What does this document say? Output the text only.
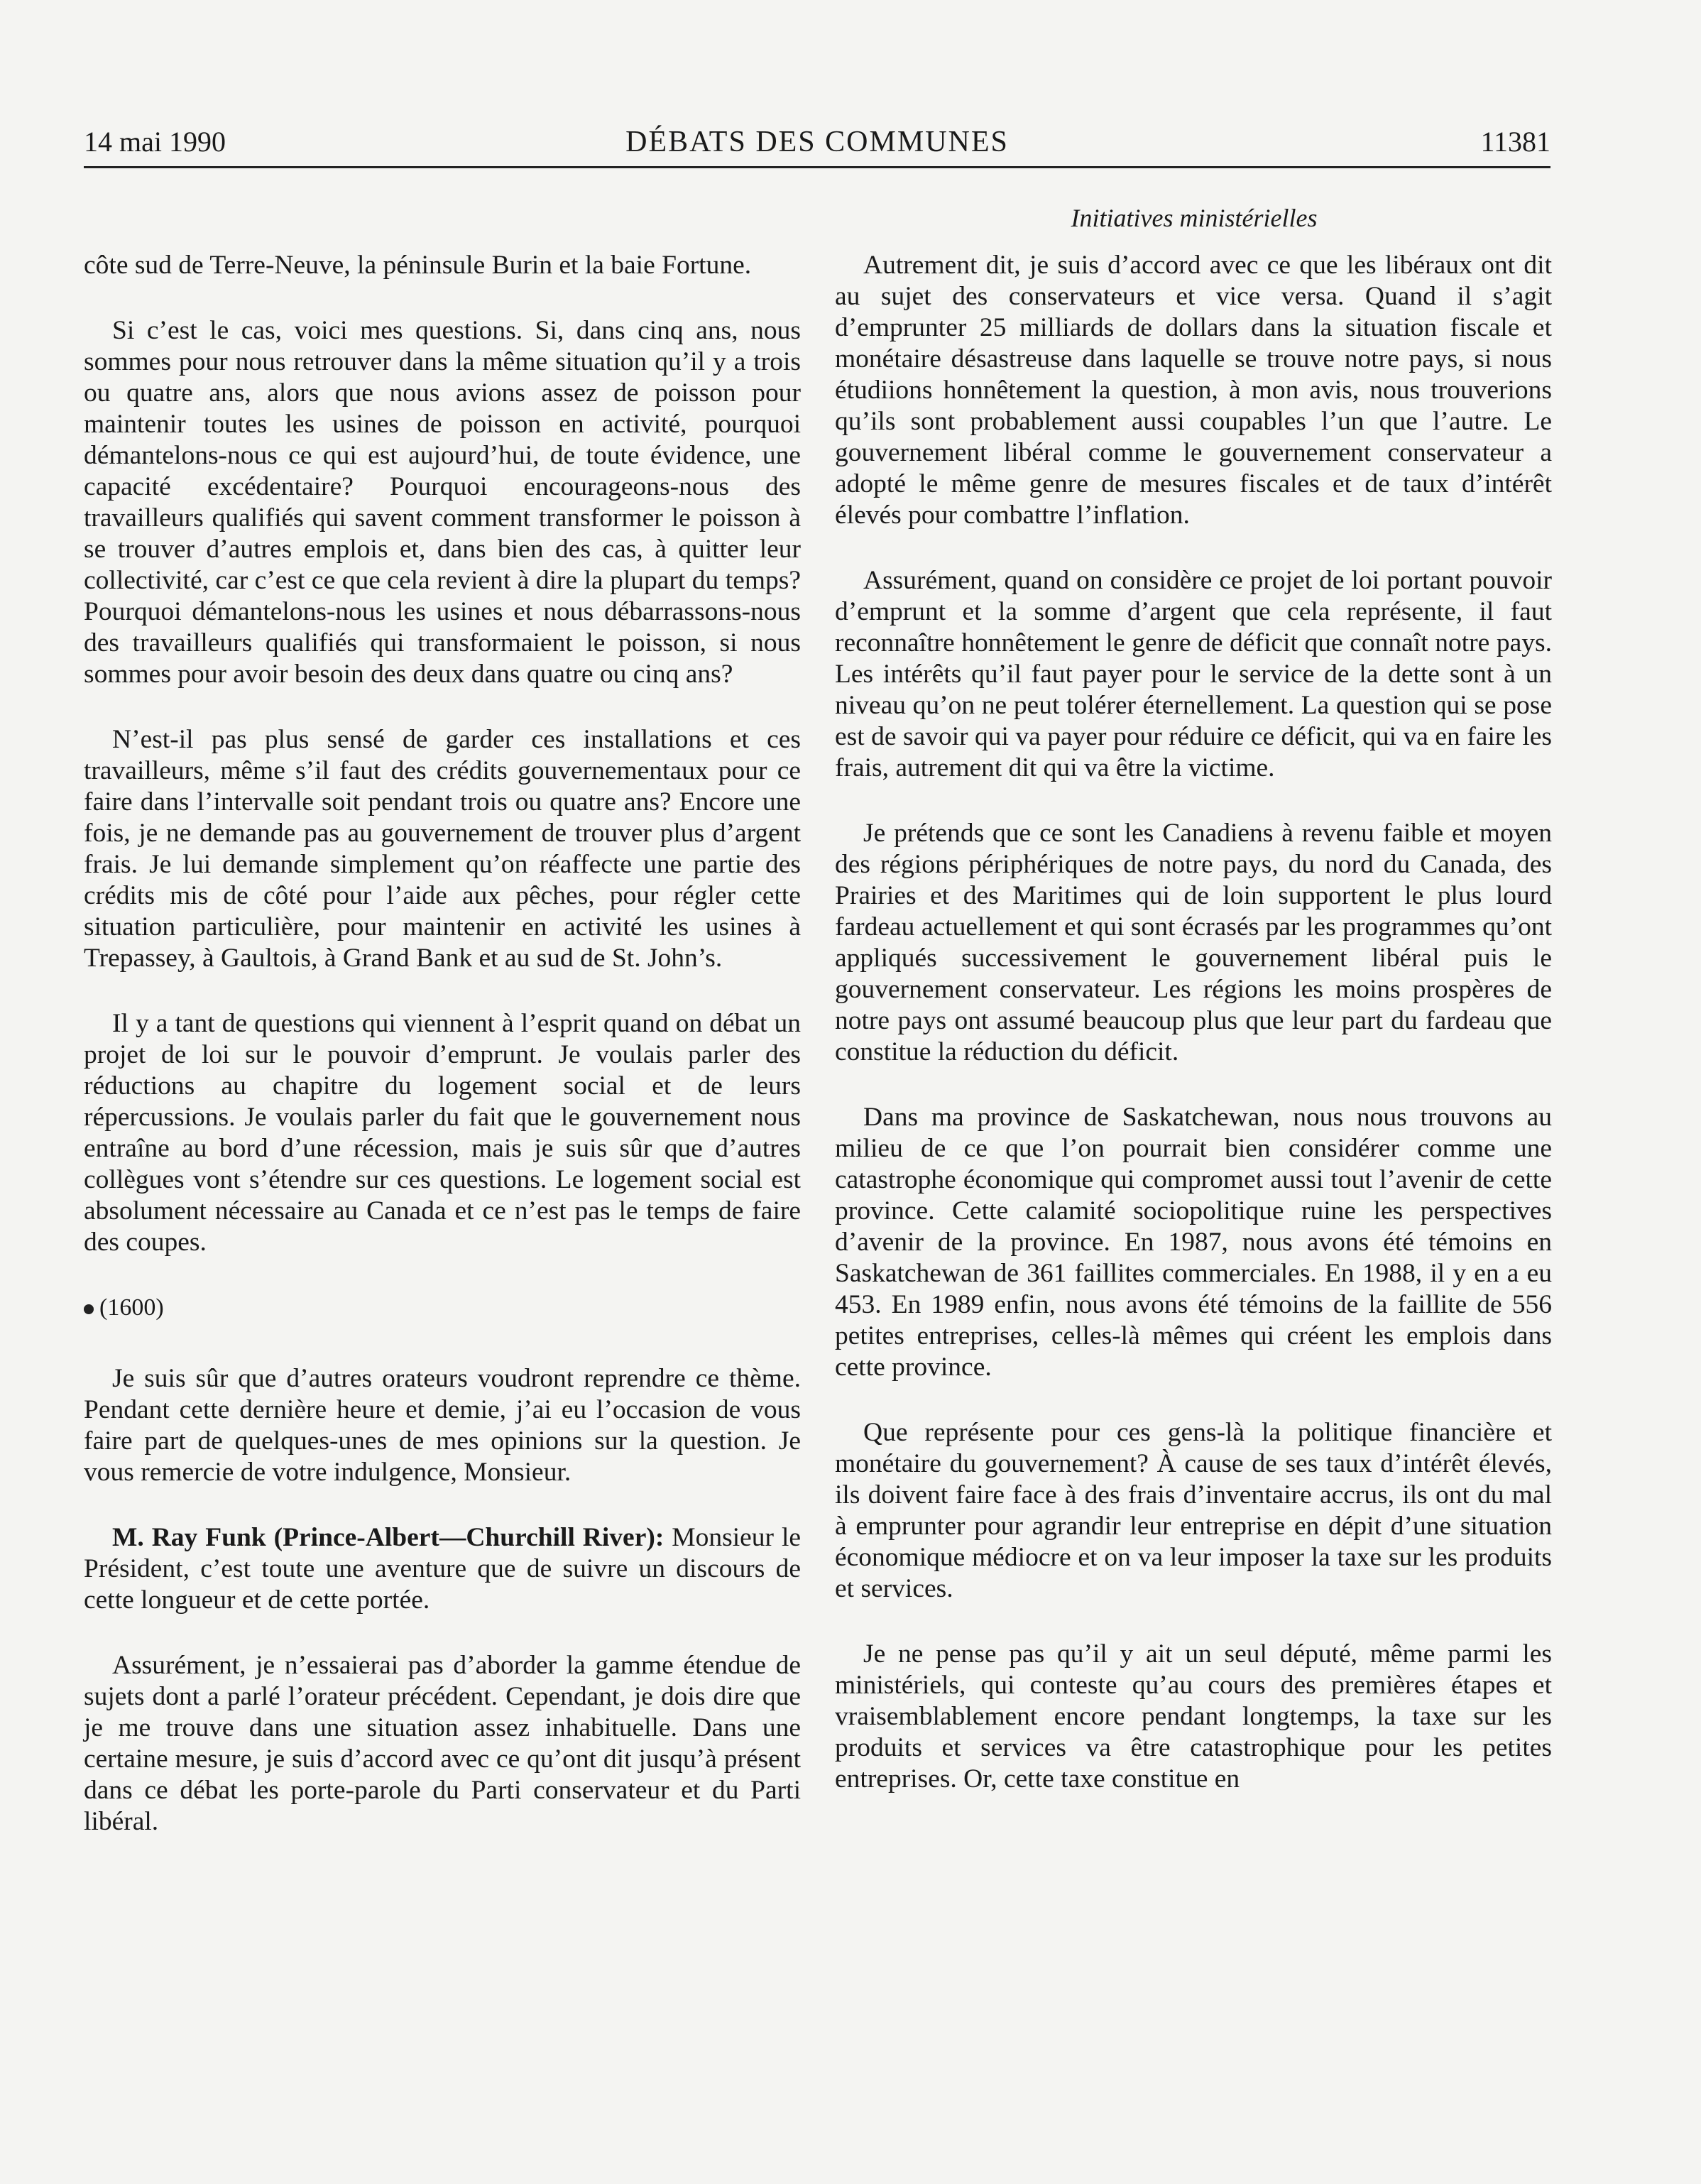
14 mai 1990	DÉBATS DES COMMUNES	11381
Initiatives ministérielles

côte sud de Terre-Neuve, la péninsule Burin et la baie Fortune.

Si c’est le cas, voici mes questions. Si, dans cinq ans, nous sommes pour nous retrouver dans la même situation qu’il y a trois ou quatre ans, alors que nous avions assez de poisson pour maintenir toutes les usines de poisson en activité, pourquoi démantelons-nous ce qui est aujourd’hui, de toute évidence, une capacité excédentaire? Pourquoi encourageons-nous des travailleurs qualifiés qui savent comment transformer le poisson à se trouver d’autres emplois et, dans bien des cas, à quitter leur collectivité, car c’est ce que cela revient à dire la plupart du temps? Pourquoi démantelons-nous les usines et nous débarrassons-nous des travailleurs qualifiés qui transformaient le poisson, si nous sommes pour avoir besoin des deux dans quatre ou cinq ans?

N’est-il pas plus sensé de garder ces installations et ces travailleurs, même s’il faut des crédits gouvernementaux pour ce faire dans l’intervalle soit pendant trois ou quatre ans? Encore une fois, je ne demande pas au gouvernement de trouver plus d’argent frais. Je lui demande simplement qu’on réaffecte une partie des crédits mis de côté pour l’aide aux pêches, pour régler cette situation particulière, pour maintenir en activité les usines à Trepassey, à Gaultois, à Grand Bank et au sud de St. John’s.

Il y a tant de questions qui viennent à l’esprit quand on débat un projet de loi sur le pouvoir d’emprunt. Je voulais parler des réductions au chapitre du logement social et de leurs répercussions. Je voulais parler du fait que le gouvernement nous entraîne au bord d’une récession, mais je suis sûr que d’autres collègues vont s’étendre sur ces questions. Le logement social est absolument nécessaire au Canada et ce n’est pas le temps de faire des coupes.

(1600)

Je suis sûr que d’autres orateurs voudront reprendre ce thème. Pendant cette dernière heure et demie, j’ai eu l’occasion de vous faire part de quelques-unes de mes opinions sur la question. Je vous remercie de votre indulgence, Monsieur.

M. Ray Funk (Prince-Albert—Churchill River): Monsieur le Président, c’est toute une aventure que de suivre un discours de cette longueur et de cette portée.

Assurément, je n’essaierai pas d’aborder la gamme étendue de sujets dont a parlé l’orateur précédent. Cependant, je dois dire que je me trouve dans une situation assez inhabituelle. Dans une certaine mesure, je suis d’accord avec ce qu’ont dit jusqu’à présent dans ce débat les porte-parole du Parti conservateur et du Parti libéral.

Autrement dit, je suis d’accord avec ce que les libéraux ont dit au sujet des conservateurs et vice versa. Quand il s’agit d’emprunter 25 milliards de dollars dans la situation fiscale et monétaire désastreuse dans laquelle se trouve notre pays, si nous étudiions honnêtement la question, à mon avis, nous trouverions qu’ils sont probablement aussi coupables l’un que l’autre. Le gouvernement libéral comme le gouvernement conservateur a adopté le même genre de mesures fiscales et de taux d’intérêt élevés pour combattre l’inflation.

Assurément, quand on considère ce projet de loi portant pouvoir d’emprunt et la somme d’argent que cela représente, il faut reconnaître honnêtement le genre de déficit que connaît notre pays. Les intérêts qu’il faut payer pour le service de la dette sont à un niveau qu’on ne peut tolérer éternellement. La question qui se pose est de savoir qui va payer pour réduire ce déficit, qui va en faire les frais, autrement dit qui va être la victime.

Je prétends que ce sont les Canadiens à revenu faible et moyen des régions périphériques de notre pays, du nord du Canada, des Prairies et des Maritimes qui de loin supportent le plus lourd fardeau actuellement et qui sont écrasés par les programmes qu’ont appliqués successivement le gouvernement libéral puis le gouvernement conservateur. Les régions les moins prospères de notre pays ont assumé beaucoup plus que leur part du fardeau que constitue la réduction du déficit.

Dans ma province de Saskatchewan, nous nous trouvons au milieu de ce que l’on pourrait bien considérer comme une catastrophe économique qui compromet aussi tout l’avenir de cette province. Cette calamité sociopolitique ruine les perspectives d’avenir de la province. En 1987, nous avons été témoins en Saskatchewan de 361 faillites commerciales. En 1988, il y en a eu 453. En 1989 enfin, nous avons été témoins de la faillite de 556 petites entreprises, celles-là mêmes qui créent les emplois dans cette province.

Que représente pour ces gens-là la politique financière et monétaire du gouvernement? À cause de ses taux d’intérêt élevés, ils doivent faire face à des frais d’inventaire accrus, ils ont du mal à emprunter pour agrandir leur entreprise en dépit d’une situation économique médiocre et on va leur imposer la taxe sur les produits et services.

Je ne pense pas qu’il y ait un seul député, même parmi les ministériels, qui conteste qu’au cours des premières étapes et vraisemblablement encore pendant longtemps, la taxe sur les produits et services va être catastrophique pour les petites entreprises. Or, cette taxe constitue en
